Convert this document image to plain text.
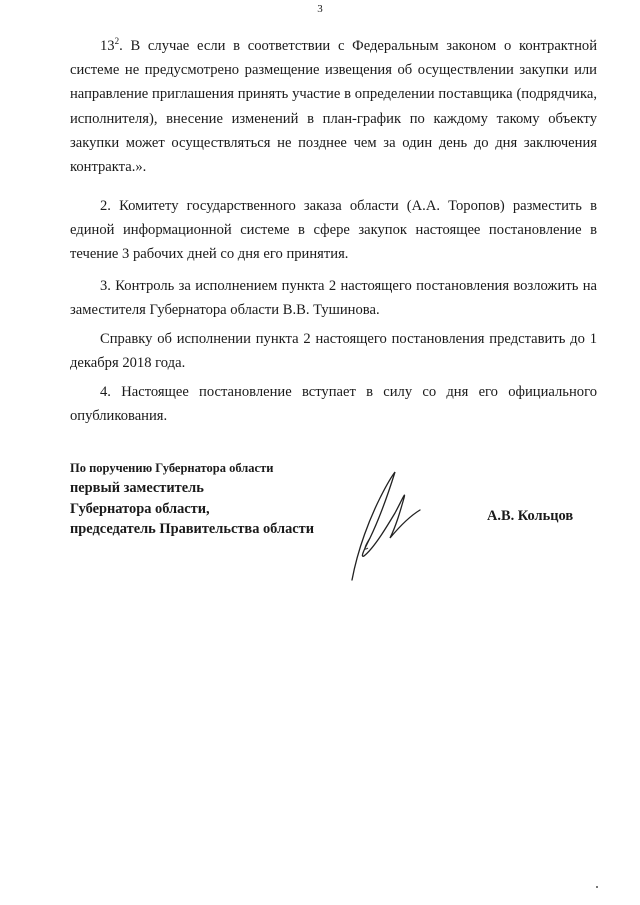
3

$13^2$. В случае если в соответствии с Федеральным законом о контрактной системе не предусмотрено размещение извещения об осуществлении закупки или направление приглашения принять участие в определении поставщика (подрядчика, исполнителя), внесение изменений в план-график по каждому такому объекту закупки может осуществляться не позднее чем за один день до дня заключения контракта.».

2. Комитету государственного заказа области (А.А. Торопов) разместить в единой информационной системе в сфере закупок настоящее постановление в течение 3 рабочих дней со дня его принятия.

3. Контроль за исполнением пункта 2 настоящего постановления возложить на заместителя Губернатора области В.В. Тушинова.

Справку об исполнении пункта 2 настоящего постановления представить до 1 декабря 2018 года.

4. Настоящее постановление вступает в силу со дня его официального опубликования.

По поручению Губернатора области
первый заместитель
Губернатора области,
председатель Правительства области
А.В. Кольцов
